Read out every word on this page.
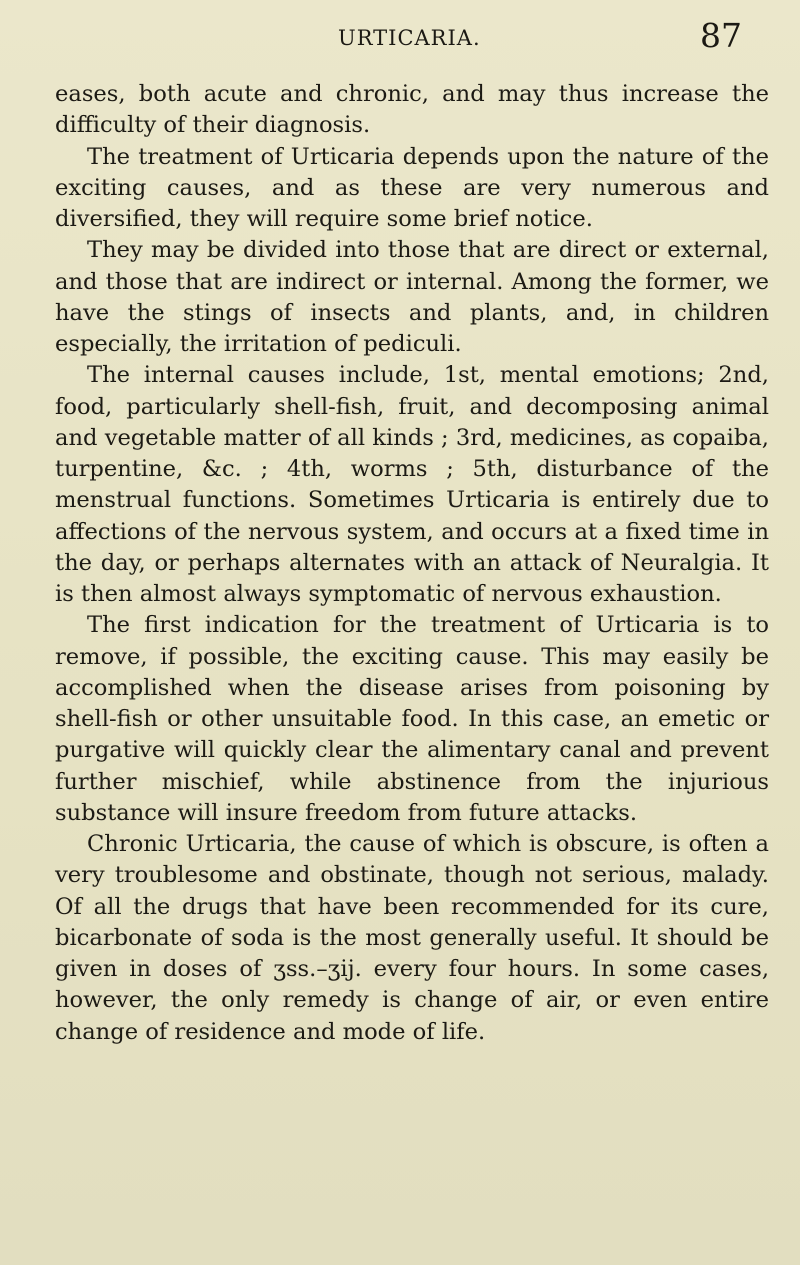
URTICARIA.	87

eases, both acute and chronic, and may thus increase the difficulty of their diagnosis.

The treatment of Urticaria depends upon the nature of the exciting causes, and as these are very numerous and diversified, they will require some brief notice.

They may be divided into those that are direct or external, and those that are indirect or internal. Among the former, we have the stings of insects and plants, and, in children especially, the irritation of pediculi.

The internal causes include, 1st, mental emotions; 2nd, food, particularly shell-fish, fruit, and decomposing animal and vegetable matter of all kinds ; 3rd, medicines, as copaiba, turpentine, &c. ; 4th, worms ; 5th, disturbance of the menstrual functions. Sometimes Urticaria is entirely due to affections of the nervous system, and occurs at a fixed time in the day, or perhaps alternates with an attack of Neuralgia. It is then almost always symptomatic of nervous exhaustion.

The first indication for the treatment of Urticaria is to remove, if possible, the exciting cause. This may easily be accomplished when the disease arises from poisoning by shell-fish or other unsuitable food. In this case, an emetic or purgative will quickly clear the alimentary canal and prevent further mischief, while abstinence from the injurious substance will insure freedom from future attacks.

Chronic Urticaria, the cause of which is obscure, is often a very troublesome and obstinate, though not serious, malady. Of all the drugs that have been recommended for its cure, bicarbonate of soda is the most generally useful. It should be given in doses of ʒss.–ʒij. every four hours. In some cases, however, the only remedy is change of air, or even entire change of residence and mode of life.
